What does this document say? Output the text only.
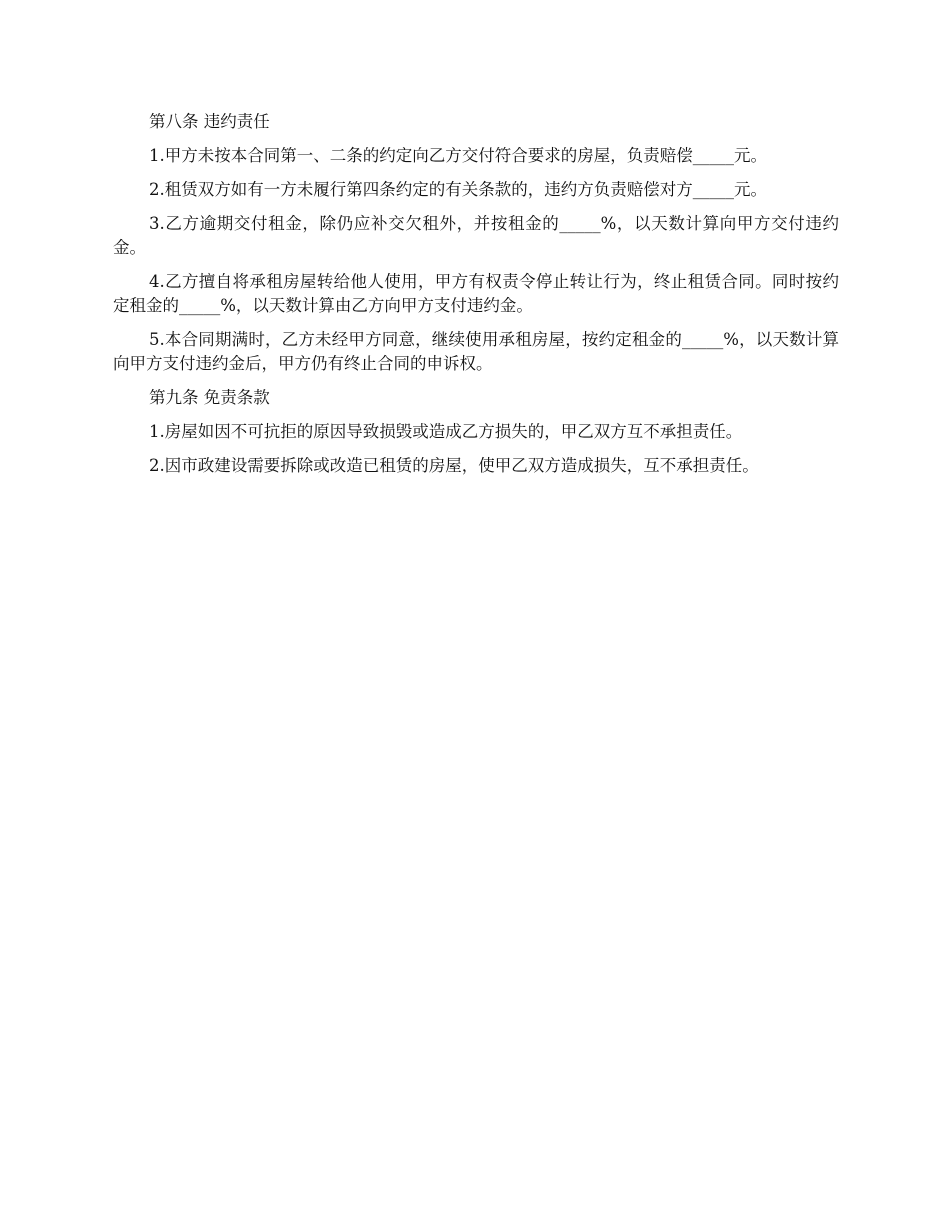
第八条 违约责任

1.甲方未按本合同第一、二条的约定向乙方交付符合要求的房屋，负责赔偿_____元。

2.租赁双方如有一方未履行第四条约定的有关条款的，违约方负责赔偿对方_____元。

3.乙方逾期交付租金，除仍应补交欠租外，并按租金的_____%，以天数计算向甲方交付违约金。

4.乙方擅自将承租房屋转给他人使用，甲方有权责令停止转让行为，终止租赁合同。同时按约定租金的_____%，以天数计算由乙方向甲方支付违约金。

5.本合同期满时，乙方未经甲方同意，继续使用承租房屋，按约定租金的_____%，以天数计算向甲方支付违约金后，甲方仍有终止合同的申诉权。

第九条 免责条款

1.房屋如因不可抗拒的原因导致损毁或造成乙方损失的，甲乙双方互不承担责任。

2.因市政建设需要拆除或改造已租赁的房屋，使甲乙双方造成损失，互不承担责任。
